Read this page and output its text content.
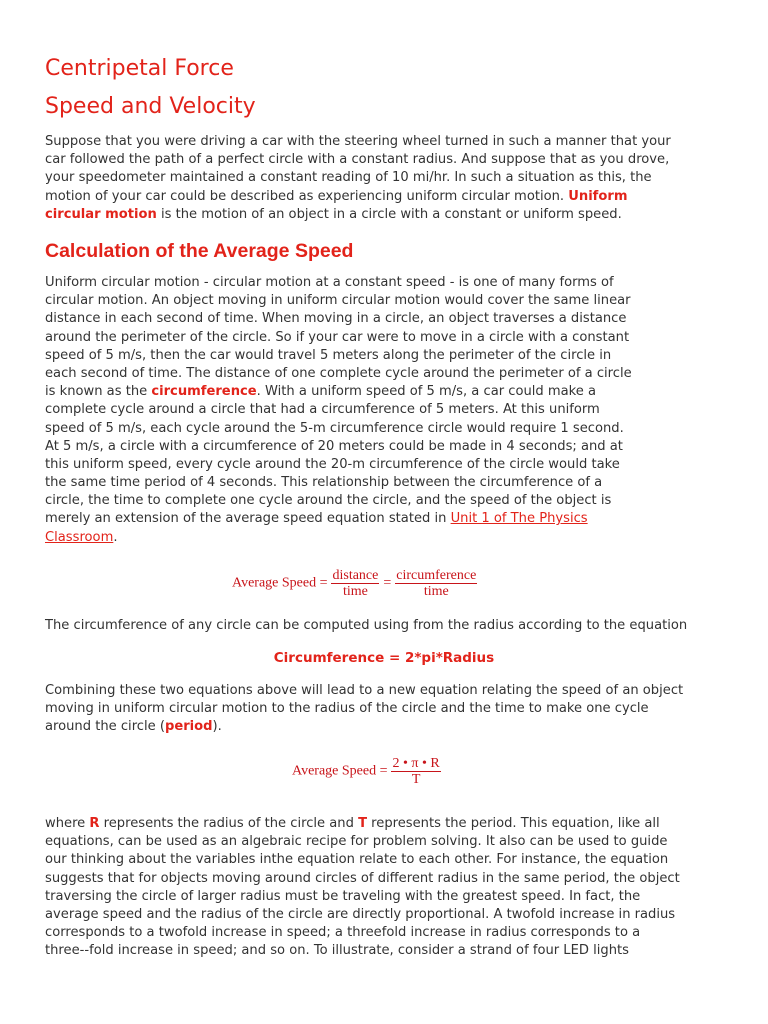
Centripetal Force
Speed and Velocity
Suppose that you were driving a car with the steering wheel turned in such a manner that your
car followed the path of a perfect circle with a constant radius. And suppose that as you drove,
your speedometer maintained a constant reading of 10 mi/hr. In such a situation as this, the
motion of your car could be described as experiencing uniform circular motion. Uniform
circular motion is the motion of an object in a circle with a constant or uniform speed.
Calculation of the Average Speed
Uniform circular motion - circular motion at a constant speed - is one of many forms of
circular motion. An object moving in uniform circular motion would cover the same linear
distance in each second of time. When moving in a circle, an object traverses a distance
around the perimeter of the circle. So if your car were to move in a circle with a constant
speed of 5 m/s, then the car would travel 5 meters along the perimeter of the circle in
each second of time. The distance of one complete cycle around the perimeter of a circle
is known as the circumference. With a uniform speed of 5 m/s, a car could make a
complete cycle around a circle that had a circumference of 5 meters. At this uniform
speed of 5 m/s, each cycle around the 5-m circumference circle would require 1 second.
At 5 m/s, a circle with a circumference of 20 meters could be made in 4 seconds; and at
this uniform speed, every cycle around the 20-m circumference of the circle would take
the same time period of 4 seconds. This relationship between the circumference of a
circle, the time to complete one cycle around the circle, and the speed of the object is
merely an extension of the average speed equation stated in Unit 1 of The Physics
Classroom.
Average Speed = $\frac{\text{distance}}{\text{time}} = \frac{\text{circumference}}{\text{time}}$

The circumference of any circle can be computed using from the radius according to the equation

Circumference = 2*pi*Radius

Combining these two equations above will lead to a new equation relating the speed of an object
moving in uniform circular motion to the radius of the circle and the time to make one cycle
around the circle (period).
Average Speed = $\frac{2 • \pi • R}{T}$
where R represents the radius of the circle and T represents the period. This equation, like all
equations, can be used as an algebraic recipe for problem solving. It also can be used to guide
our thinking about the variables inthe equation relate to each other. For instance, the equation
suggests that for objects moving around circles of different radius in the same period, the object
traversing the circle of larger radius must be traveling with the greatest speed. In fact, the
average speed and the radius of the circle are directly proportional. A twofold increase in radius
corresponds to a twofold increase in speed; a threefold increase in radius corresponds to a
three--fold increase in speed; and so on. To illustrate, consider a strand of four LED lights
